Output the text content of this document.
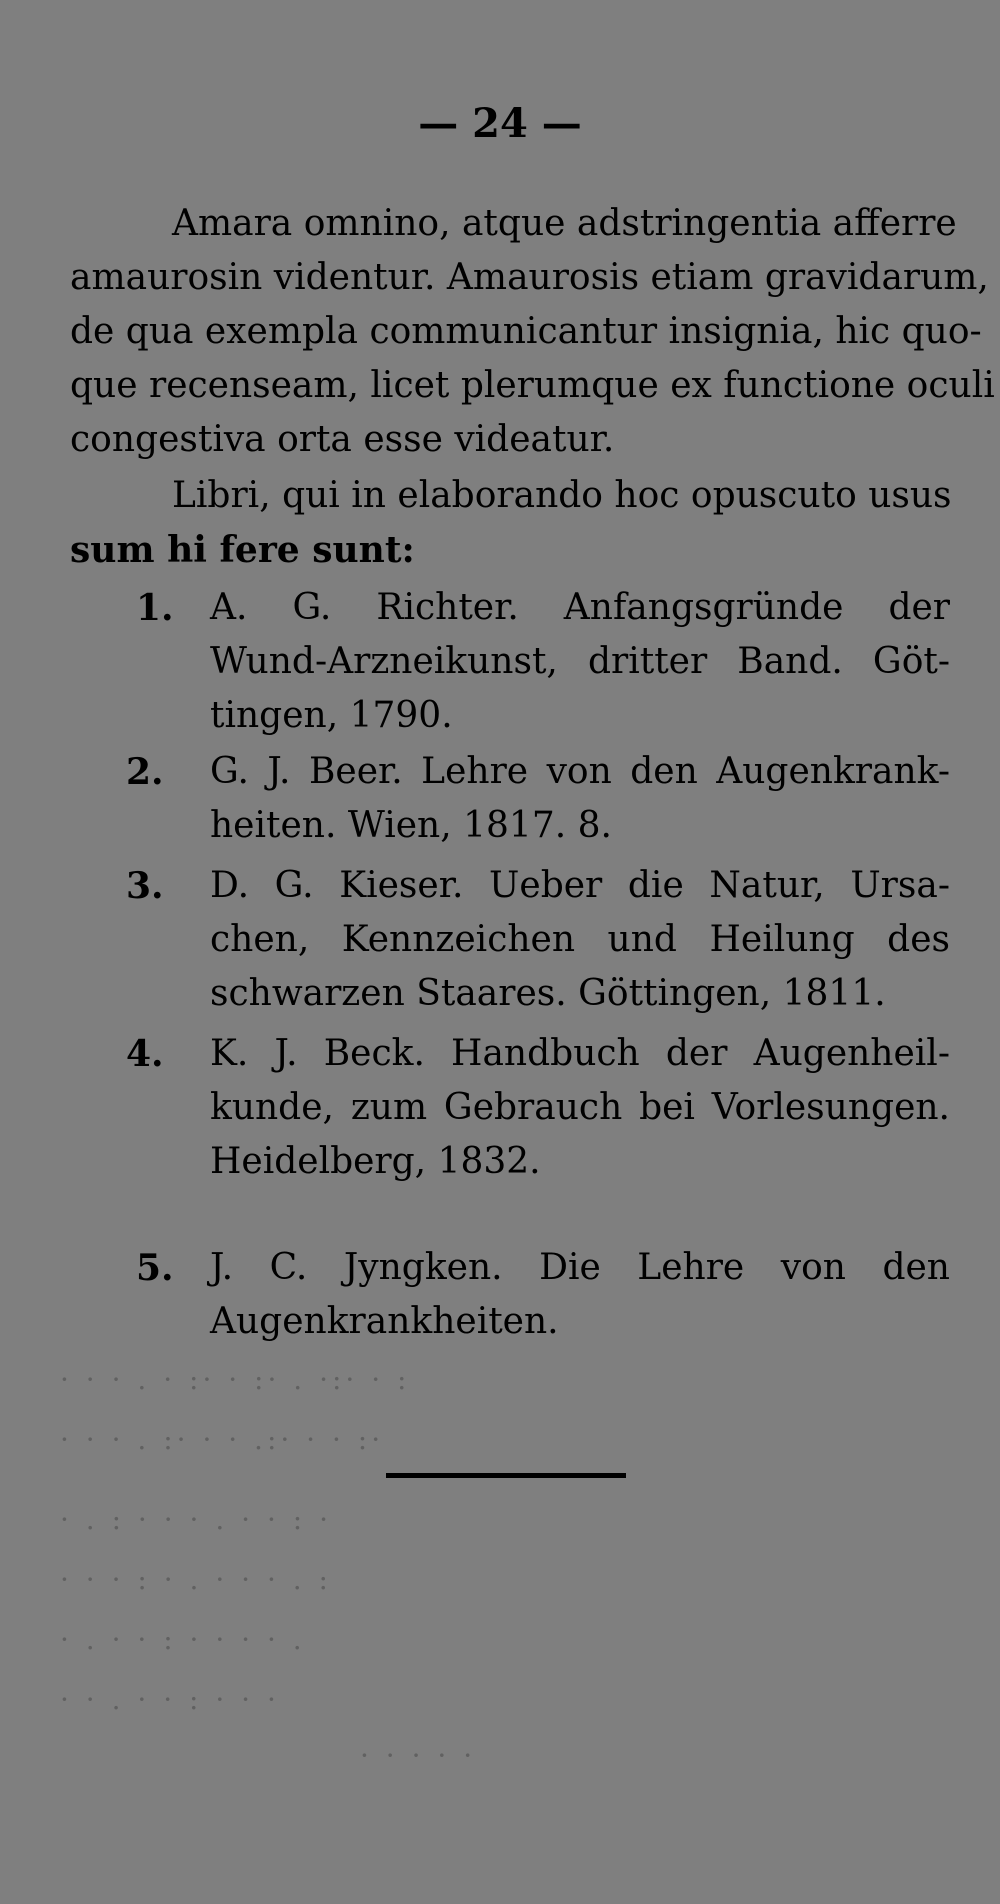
— 24 —
Amara omnino, atque adstringentia afferre
amaurosin videntur. Amaurosis etiam gravidarum,
de qua exempla communicantur insignia, hic quo-
que recenseam, licet plerumque ex functione oculi
congestiva orta esse videatur.
Libri, qui in elaborando hoc opuscuto usus
sum hi fere sunt:
1. A. G. Richter. Anfangsgründe der
Wund-Arzneikunst, dritter Band. Göt-
tingen, 1790.
2. G. J. Beer. Lehre von den Augenkrank-
heiten. Wien, 1817. 8.
3. D. G. Kieser. Ueber die Natur, Ursa-
chen, Kennzeichen und Heilung des
schwarzen Staares. Göttingen, 1811.
4. K. J. Beck. Handbuch der Augenheil-
kunde, zum Gebrauch bei Vorlesungen.
Heidelberg, 1832.
5. J. C. Jyngken. Die Lehre von den
Augenkrankheiten.
· · · . · :· · :· . ·:· · :
· · · . :· · · .:· · · :·
· . : · · · . · · : ·
· · · : · . · · · . :
· . · · : · · · · .
· · . · · : · · ·
· · · · ·
